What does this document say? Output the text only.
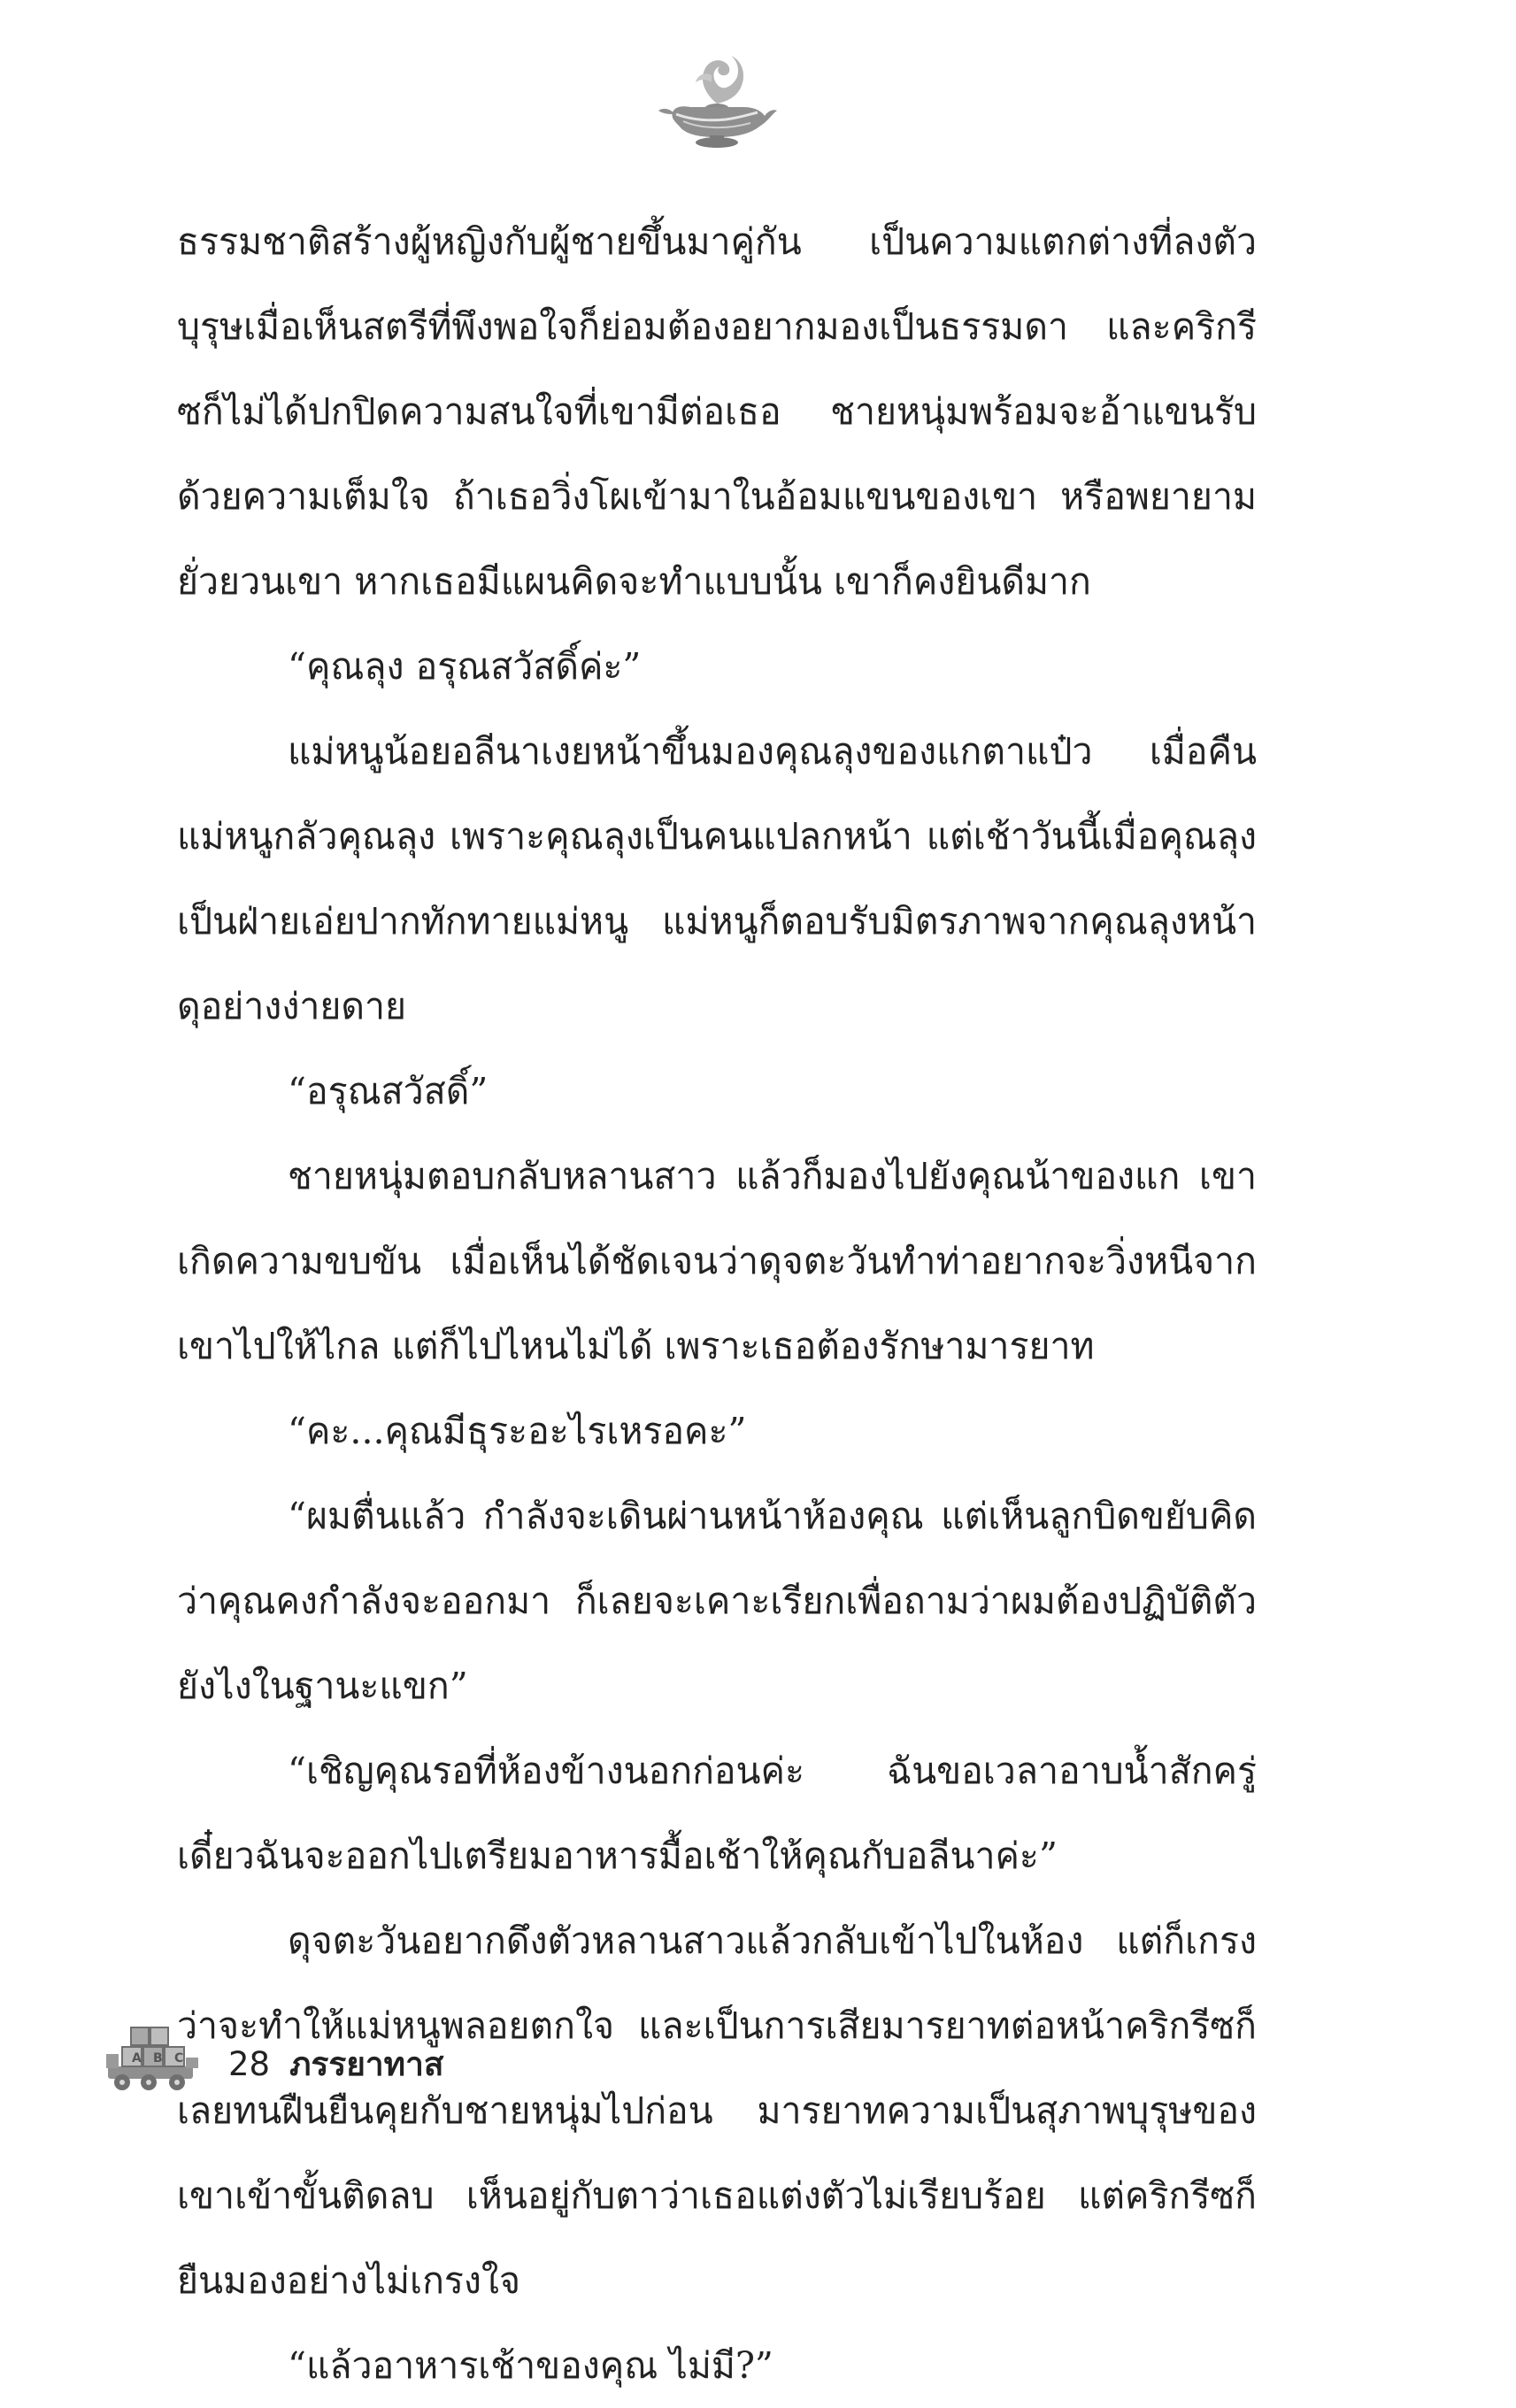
ธรรมชาติสร้างผู้หญิงกับผู้ชายขึ้นมาคู่กัน เป็นความแตกต่างที่ลงตัว บุรุษเมื่อเห็นสตรีที่พึงพอใจก็ย่อมต้องอยากมองเป็นธรรมดา และคริกรีซก็ไม่ได้ปกปิดความสนใจที่เขามีต่อเธอ ชายหนุ่มพร้อมจะอ้าแขนรับด้วยความเต็มใจ ถ้าเธอวิ่งโผเข้ามาในอ้อมแขนของเขา หรือพยายามยั่วยวนเขา หากเธอมีแผนคิดจะทำแบบนั้น เขาก็คงยินดีมาก

“คุณลุง อรุณสวัสดิ์ค่ะ”

แม่หนูน้อยอลีนาเงยหน้าขึ้นมองคุณลุงของแกตาแป๋ว เมื่อคืนแม่หนูกลัวคุณลุง เพราะคุณลุงเป็นคนแปลกหน้า แต่เช้าวันนี้เมื่อคุณลุงเป็นฝ่ายเอ่ยปากทักทายแม่หนู แม่หนูก็ตอบรับมิตรภาพจากคุณลุงหน้าดุอย่างง่ายดาย

“อรุณสวัสดิ์”

ชายหนุ่มตอบกลับหลานสาว แล้วก็มองไปยังคุณน้าของแก เขาเกิดความขบขัน เมื่อเห็นได้ชัดเจนว่าดุจตะวันทำท่าอยากจะวิ่งหนีจากเขาไปให้ไกล แต่ก็ไปไหนไม่ได้ เพราะเธอต้องรักษามารยาท

“คะ...คุณมีธุระอะไรเหรอคะ”

“ผมตื่นแล้ว กำลังจะเดินผ่านหน้าห้องคุณ แต่เห็นลูกบิดขยับคิดว่าคุณคงกำลังจะออกมา ก็เลยจะเคาะเรียกเพื่อถามว่าผมต้องปฏิบัติตัวยังไงในฐานะแขก”

“เชิญคุณรอที่ห้องข้างนอกก่อนค่ะ ฉันขอเวลาอาบน้ำสักครู่ เดี๋ยวฉันจะออกไปเตรียมอาหารมื้อเช้าให้คุณกับอลีนาค่ะ”

ดุจตะวันอยากดึงตัวหลานสาวแล้วกลับเข้าไปในห้อง แต่ก็เกรงว่าจะทำให้แม่หนูพลอยตกใจ และเป็นการเสียมารยาทต่อหน้าคริกรีซก็เลยทนฝืนยืนคุยกับชายหนุ่มไปก่อน มารยาทความเป็นสุภาพบุรุษของเขาเข้าขั้นติดลบ เห็นอยู่กับตาว่าเธอแต่งตัวไม่เรียบร้อย แต่คริกรีซก็ยืนมองอย่างไม่เกรงใจ

“แล้วอาหารเช้าของคุณ ไม่มี?”

A B C 28 ภรรยาทาส
